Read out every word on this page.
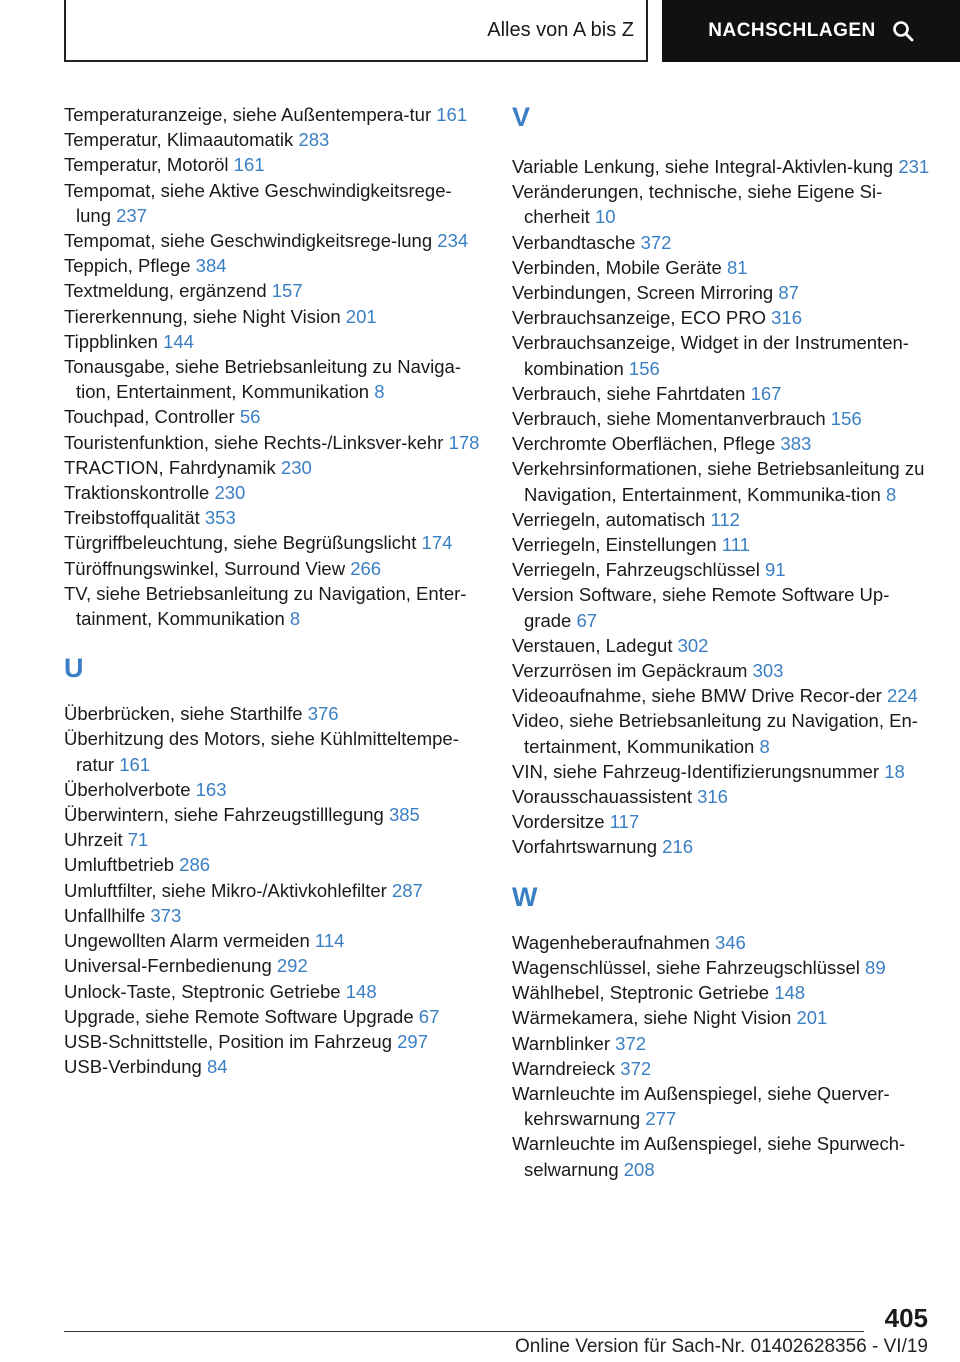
Alles von A bis Z	NACHSCHLAGEN
Temperaturanzeige, siehe Außentempera‐tur 161
Temperatur, Klimaautomatik 283
Temperatur, Motoröl 161
Tempomat, siehe Aktive Geschwindigkeitsrege‐lung 237
Tempomat, siehe Geschwindigkeitsrege‐lung 234
Teppich, Pflege 384
Textmeldung, ergänzend 157
Tiererkennung, siehe Night Vision 201
Tippblinken 144
Tonausgabe, siehe Betriebsanleitung zu Naviga‐tion, Entertainment, Kommunikation 8
Touchpad, Controller 56
Touristenfunktion, siehe Rechts-/Linksver‐kehr 178
TRACTION, Fahrdynamik 230
Traktionskontrolle 230
Treibstoffqualität 353
Türgriffbeleuchtung, siehe Begrüßungslicht 174
Türöffnungswinkel, Surround View 266
TV, siehe Betriebsanleitung zu Navigation, Enter‐tainment, Kommunikation 8
U
Überbrücken, siehe Starthilfe 376
Überhitzung des Motors, siehe Kühlmitteltempe‐ratur 161
Überholverbote 163
Überwintern, siehe Fahrzeugstilllegung 385
Uhrzeit 71
Umluftbetrieb 286
Umluftfilter, siehe Mikro-/Aktivkohlefilter 287
Unfallhilfe 373
Ungewollten Alarm vermeiden 114
Universal-Fernbedienung 292
Unlock-Taste, Steptronic Getriebe 148
Upgrade, siehe Remote Software Upgrade 67
USB-Schnittstelle, Position im Fahrzeug 297
USB-Verbindung 84
V
Variable Lenkung, siehe Integral-Aktivlen‐kung 231
Veränderungen, technische, siehe Eigene Si‐cherheit 10
Verbandtasche 372
Verbinden, Mobile Geräte 81
Verbindungen, Screen Mirroring 87
Verbrauchsanzeige, ECO PRO 316
Verbrauchsanzeige, Widget in der Instrumenten‐kombination 156
Verbrauch, siehe Fahrtdaten 167
Verbrauch, siehe Momentanverbrauch 156
Verchromte Oberflächen, Pflege 383
Verkehrsinformationen, siehe Betriebsanleitung zu Navigation, Entertainment, Kommunika‐tion 8
Verriegeln, automatisch 112
Verriegeln, Einstellungen 111
Verriegeln, Fahrzeugschlüssel 91
Version Software, siehe Remote Software Up‐grade 67
Verstauen, Ladegut 302
Verzurrösen im Gepäckraum 303
Videoaufnahme, siehe BMW Drive Recor‐der 224
Video, siehe Betriebsanleitung zu Navigation, En‐tertainment, Kommunikation 8
VIN, siehe Fahrzeug-Identifizierungsnummer 18
Vorausschauassistent 316
Vordersitze 117
Vorfahrtswarnung 216
W
Wagenheberaufnahmen 346
Wagenschlüssel, siehe Fahrzeugschlüssel 89
Wählhebel, Steptronic Getriebe 148
Wärmekamera, siehe Night Vision 201
Warnblinker 372
Warndreieck 372
Warnleuchte im Außenspiegel, siehe Querver‐kehrswarnung 277
Warnleuchte im Außenspiegel, siehe Spurwech‐selwarnung 208
405
Online Version für Sach-Nr. 01402628356 - VI/19
